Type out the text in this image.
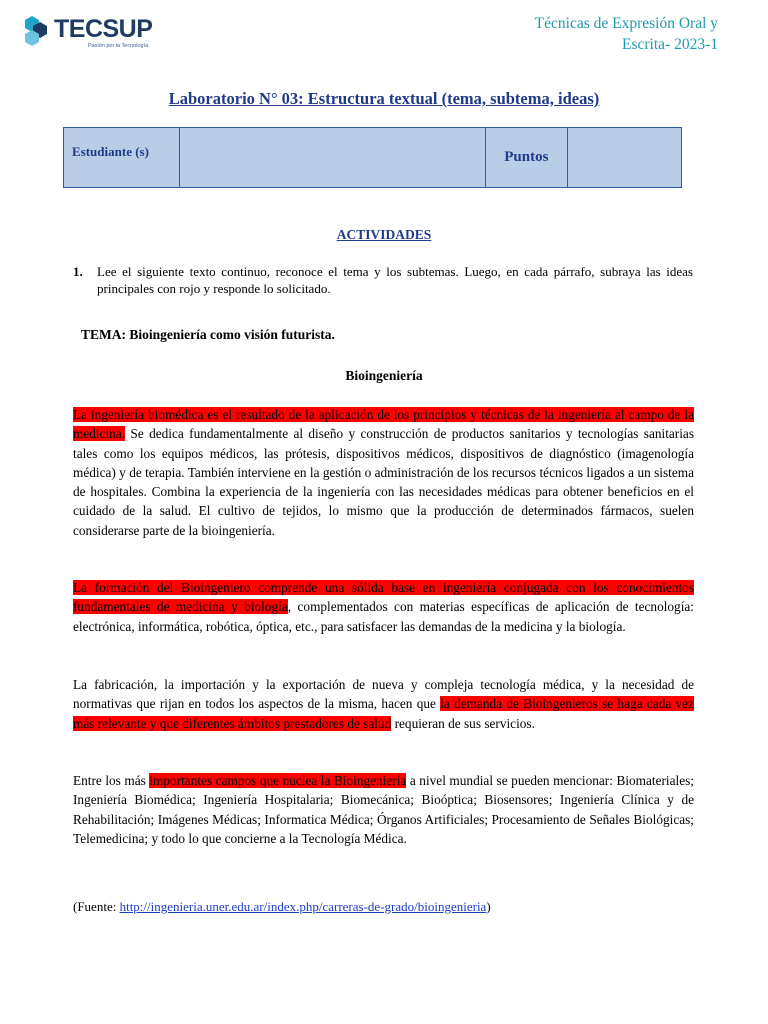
TECSUP
Pasión por la Tecnología
Técnicas de Expresión Oral y
Escrita- 2023-1
Laboratorio N° 03: Estructura textual (tema, subtema, ideas)
Estudiante (s)		Puntos	
ACTIVIDADES
1. Lee el siguiente texto continuo, reconoce el tema y los subtemas. Luego, en cada párrafo, subraya las ideas principales con rojo y responde lo solicitado.
TEMA: Bioingeniería como visión futurista.
Bioingeniería
La ingeniería biomédica es el resultado de la aplicación de los principios y técnicas de la ingeniería al campo de la medicina. Se dedica fundamentalmente al diseño y construcción de productos sanitarios y tecnologías sanitarias tales como los equipos médicos, las prótesis, dispositivos médicos, dispositivos de diagnóstico (imagenología médica) y de terapia. También interviene en la gestión o administración de los recursos técnicos ligados a un sistema de hospitales. Combina la experiencia de la ingeniería con las necesidades médicas para obtener beneficios en el cuidado de la salud. El cultivo de tejidos, lo mismo que la producción de determinados fármacos, suelen considerarse parte de la bioingeniería.
La formación del Bioingeniero comprende una sólida base en ingeniería conjugada con los conocimientos fundamentales de medicina y biología, complementados con materias específicas de aplicación de tecnología: electrónica, informática, robótica, óptica, etc., para satisfacer las demandas de la medicina y la biología.
La fabricación, la importación y la exportación de nueva y compleja tecnología médica, y la necesidad de normativas que rijan en todos los aspectos de la misma, hacen que la demanda de Bioingenieros se haga cada vez más relevante y que diferentes ámbitos prestadores de salud requieran de sus servicios.
Entre los más importantes campos que nuclea la Bioingeniería a nivel mundial se pueden mencionar: Biomateriales; Ingeniería Biomédica; Ingeniería Hospitalaria; Biomecánica; Bioóptica; Biosensores; Ingeniería Clínica y de Rehabilitación; Imágenes Médicas; Informatica Médica; Órganos Artificiales; Procesamiento de Señales Biológicas; Telemedicina; y todo lo que concierne a la Tecnología Médica.
(Fuente: http://ingenieria.uner.edu.ar/index.php/carreras-de-grado/bioingenieria)
